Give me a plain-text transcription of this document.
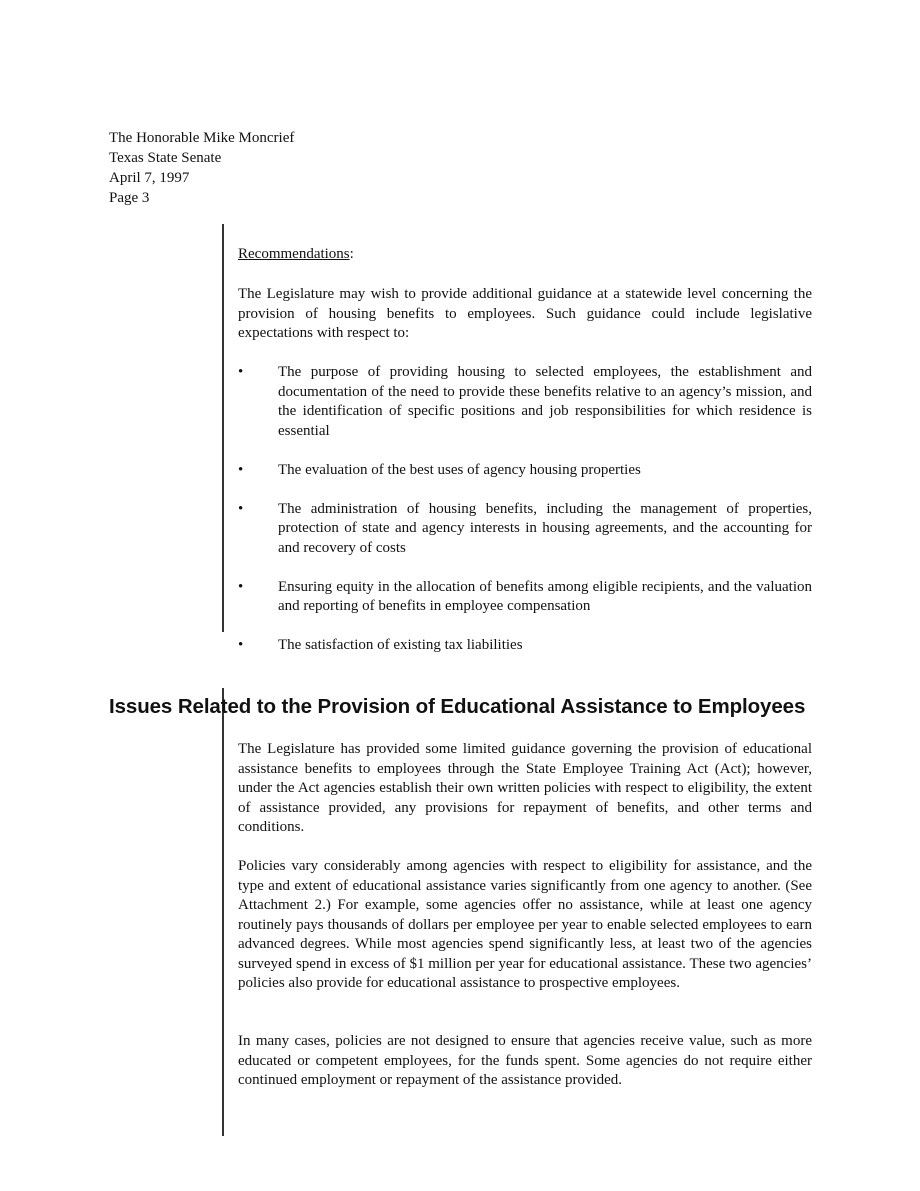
The Honorable Mike Moncrief
Texas State Senate
April 7, 1997
Page 3

Recommendations:

The Legislature may wish to provide additional guidance at a statewide level concerning the provision of housing benefits to employees. Such guidance could include legislative expectations with respect to:

•	The purpose of providing housing to selected employees, the establishment and documentation of the need to provide these benefits relative to an agency’s mission, and the identification of specific positions and job responsibilities for which residence is essential
•	The evaluation of the best uses of agency housing properties
•	The administration of housing benefits, including the management of properties, protection of state and agency interests in housing agreements, and the accounting for and recovery of costs
•	Ensuring equity in the allocation of benefits among eligible recipients, and the valuation and reporting of benefits in employee compensation
•	The satisfaction of existing tax liabilities
Issues Related to the Provision of Educational Assistance to Employees

The Legislature has provided some limited guidance governing the provision of educational assistance benefits to employees through the State Employee Training Act (Act); however, under the Act agencies establish their own written policies with respect to eligibility, the extent of assistance provided, any provisions for repayment of benefits, and other terms and conditions.

Policies vary considerably among agencies with respect to eligibility for assistance, and the type and extent of educational assistance varies significantly from one agency to another. (See Attachment 2.) For example, some agencies offer no assistance, while at least one agency routinely pays thousands of dollars per employee per year to enable selected employees to earn advanced degrees. While most agencies spend significantly less, at least two of the agencies surveyed spend in excess of $1 million per year for educational assistance. These two agencies’ policies also provide for educational assistance to prospective employees.

In many cases, policies are not designed to ensure that agencies receive value, such as more educated or competent employees, for the funds spent. Some agencies do not require either continued employment or repayment of the assistance provided.
